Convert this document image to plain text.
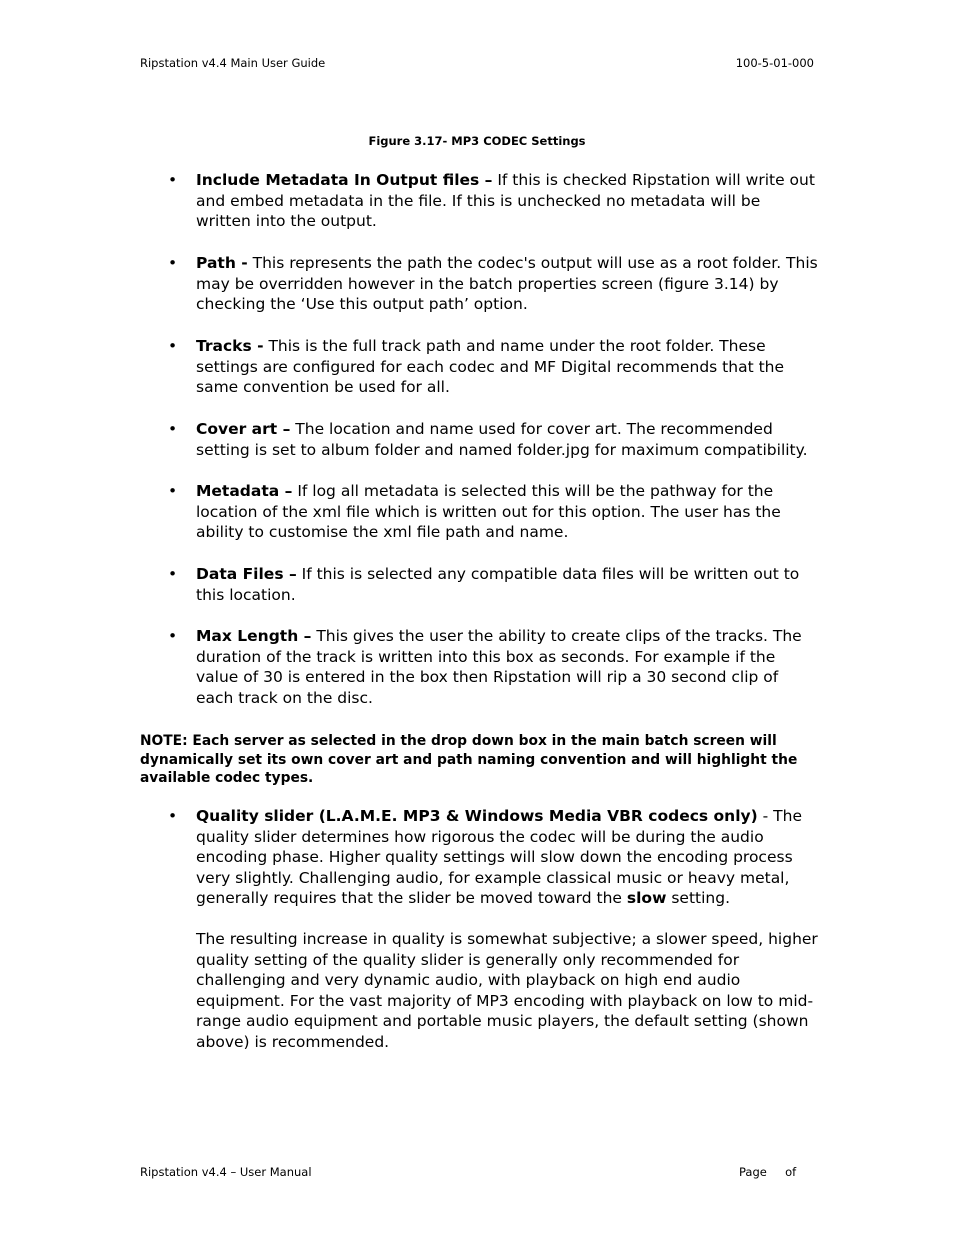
Ripstation v4.4 Main User Guide	100-5-01-000
Figure 3.17- MP3 CODEC Settings
• Include Metadata In Output files – If this is checked Ripstation will write out and embed metadata in the file. If this is unchecked no metadata will be written into the output.
• Path - This represents the path the codec's output will use as a root folder. This may be overridden however in the batch properties screen (figure 3.14) by checking the ‘Use this output path’ option.
• Tracks - This is the full track path and name under the root folder. These settings are configured for each codec and MF Digital recommends that the same convention be used for all.
• Cover art – The location and name used for cover art. The recommended setting is set to album folder and named folder.jpg for maximum compatibility.
• Metadata – If log all metadata is selected this will be the pathway for the location of the xml file which is written out for this option. The user has the ability to customise the xml file path and name.
• Data Files – If this is selected any compatible data files will be written out to this location.
• Max Length – This gives the user the ability to create clips of the tracks. The duration of the track is written into this box as seconds. For example if the value of 30 is entered in the box then Ripstation will rip a 30 second clip of each track on the disc.
NOTE: Each server as selected in the drop down box in the main batch screen will dynamically set its own cover art and path naming convention and will highlight the available codec types.
• Quality slider (L.A.M.E. MP3 & Windows Media VBR codecs only) - The quality slider determines how rigorous the codec will be during the audio encoding phase. Higher quality settings will slow down the encoding process very slightly. Challenging audio, for example classical music or heavy metal, generally requires that the slider be moved toward the slow setting.
The resulting increase in quality is somewhat subjective; a slower speed, higher quality setting of the quality slider is generally only recommended for challenging and very dynamic audio, with playback on high end audio equipment. For the vast majority of MP3 encoding with playback on low to mid-range audio equipment and portable music players, the default setting (shown above) is recommended.
Ripstation v4.4 – User Manual	Page of
